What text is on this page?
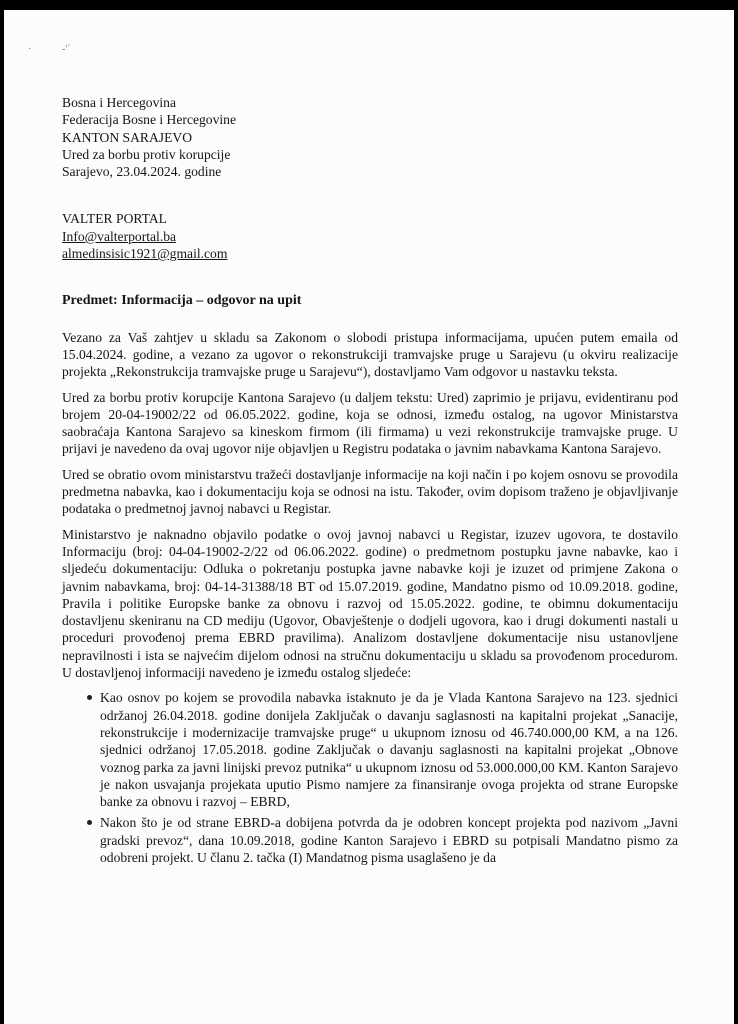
·	-'´
Bosna i Hercegovina
Federacija Bosne i Hercegovine
KANTON SARAJEVO
Ured za borbu protiv korupcije
Sarajevo, 23.04.2024. godine
VALTER PORTAL
Info@valterportal.ba
almedinsisic1921@gmail.com
Predmet: Informacija – odgovor na upit

Vezano za Vaš zahtjev u skladu sa Zakonom o slobodi pristupa informacijama, upućen putem emaila od 15.04.2024. godine, a vezano za ugovor o rekonstrukciji tramvajske pruge u Sarajevu (u okviru realizacije projekta „Rekonstrukcija tramvajske pruge u Sarajevu“), dostavljamo Vam odgovor u nastavku teksta.

Ured za borbu protiv korupcije Kantona Sarajevo (u daljem tekstu: Ured) zaprimio je prijavu, evidentiranu pod brojem 20-04-19002/22 od 06.05.2022. godine, koja se odnosi, između ostalog, na ugovor Ministarstva saobraćaja Kantona Sarajevo sa kineskom firmom (ili firmama) u vezi rekonstrukcije tramvajske pruge. U prijavi je navedeno da ovaj ugovor nije objavljen u Registru podataka o javnim nabavkama Kantona Sarajevo.

Ured se obratio ovom ministarstvu tražeći dostavljanje informacije na koji način i po kojem osnovu se provodila predmetna nabavka, kao i dokumentaciju koja se odnosi na istu. Također, ovim dopisom traženo je objavljivanje podataka o predmetnoj javnoj nabavci u Registar.

Ministarstvo je naknadno objavilo podatke o ovoj javnoj nabavci u Registar, izuzev ugovora, te dostavilo Informaciju (broj: 04-04-19002-2/22 od 06.06.2022. godine) o predmetnom postupku javne nabavke, kao i sljedeću dokumentaciju: Odluka o pokretanju postupka javne nabavke koji je izuzet od primjene Zakona o javnim nabavkama, broj: 04-14-31388/18 BT od 15.07.2019. godine, Mandatno pismo od 10.09.2018. godine, Pravila i politike Europske banke za obnovu i razvoj od 15.05.2022. godine, te obimnu dokumentaciju dostavljenu skeniranu na CD mediju (Ugovor, Obavještenje o dodjeli ugovora, kao i drugi dokumenti nastali u proceduri provođenoj prema EBRD pravilima). Analizom dostavljene dokumentacije nisu ustanovljene nepravilnosti i ista se najvećim dijelom odnosi na stručnu dokumentaciju u skladu sa provođenom procedurom. U dostavljenoj informaciji navedeno je između ostalog sljedeće:

Kao osnov po kojem se provodila nabavka istaknuto je da je Vlada Kantona Sarajevo na 123. sjednici održanoj 26.04.2018. godine donijela Zaključak o davanju saglasnosti na kapitalni projekat „Sanacije, rekonstrukcije i modernizacije tramvajske pruge“ u ukupnom iznosu od 46.740.000,00 KM, a na 126. sjednici održanoj 17.05.2018. godine Zaključak o davanju saglasnosti na kapitalni projekat „Obnove voznog parka za javni linijski prevoz putnika“ u ukupnom iznosu od 53.000.000,00 KM. Kanton Sarajevo je nakon usvajanja projekata uputio Pismo namjere za finansiranje ovoga projekta od strane Europske banke za obnovu i razvoj – EBRD,
Nakon što je od strane EBRD-a dobijena potvrda da je odobren koncept projekta pod nazivom „Javni gradski prevoz“, dana 10.09.2018, godine Kanton Sarajevo i EBRD su potpisali Mandatno pismo za odobreni projekt. U članu 2. tačka (I) Mandatnog pisma usaglašeno je da
